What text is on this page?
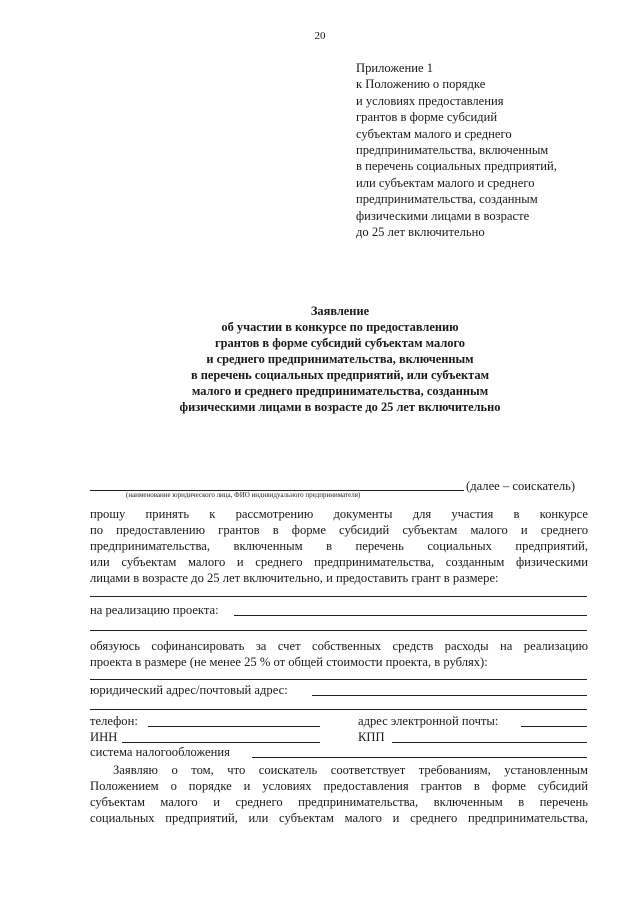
20
Приложение 1
к Положению о порядке
и условиях предоставления
грантов в форме субсидий
субъектам малого и среднего
предпринимательства, включенным
в перечень социальных предприятий,
или субъектам малого и среднего
предпринимательства, созданным
физическими лицами в возрасте
до 25 лет включительно
Заявление
об участии в конкурсе по предоставлению
грантов в форме субсидий субъектам малого
и среднего предпринимательства, включенным
в перечень социальных предприятий, или субъектам
малого и среднего предпринимательства, созданным
физическими лицами в возрасте до 25 лет включительно
(далее – соискатель)
(наименование юридического лица, ФИО индивидуального предпринимателя)
прошу принять к рассмотрению документы для участия в конкурсе
по предоставлению грантов в форме субсидий субъектам малого и среднего
предпринимательства, включенным в перечень социальных предприятий,
или субъектам малого и среднего предпринимательства, созданным физическими
лицами в возрасте до 25 лет включительно, и предоставить грант в размере:
на реализацию проекта:
обязуюсь софинансировать за счет собственных средств расходы на реализацию
проекта в размере (не менее 25 % от общей стоимости проекта, в рублях):
юридический адрес/почтовый адрес:
телефон:	адрес электронной почты:
ИНН	КПП
система налогообложения
Заявляю о том, что соискатель соответствует требованиям, установленным
Положением о порядке и условиях предоставления грантов в форме субсидий
субъектам малого и среднего предпринимательства, включенным в перечень
социальных предприятий, или субъектам малого и среднего предпринимательства,
